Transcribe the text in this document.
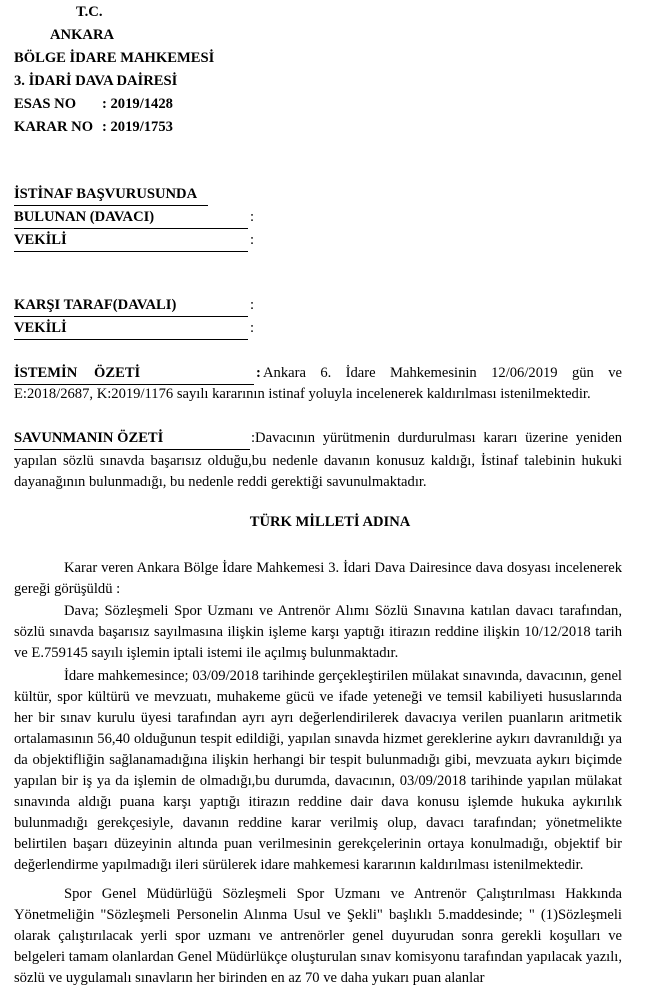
T.C.
ANKARA
BÖLGE İDARE MAHKEMESİ
3. İDARİ DAVA DAİRESİ
ESAS NO : 2019/1428
KARAR NO : 2019/1753
İSTİNAF BAŞVURUSUNDA
BULUNAN (DAVACI)	:
VEKİLİ	:
KARŞI TARAF(DAVALI)	:
VEKİLİ	:
İSTEMİN ÖZETİ	: Ankara 6. İdare Mahkemesinin 12/06/2019 gün ve
E:2018/2687, K:2019/1176 sayılı kararının istinaf yoluyla incelenerek kaldırılması istenilmektedir.
SAVUNMANIN ÖZETİ	:Davacının yürütmenin durdurulması kararı üzerine yeniden
yapılan sözlü sınavda başarısız olduğu,bu nedenle davanın konusuz kaldığı, İstinaf talebinin hukuki dayanağının bulunmadığı, bu nedenle reddi gerektiği savunulmaktadır.
TÜRK MİLLETİ ADINA
Karar veren Ankara Bölge İdare Mahkemesi 3. İdari Dava Dairesince dava dosyası incelenerek gereği görüşüldü :
Dava; Sözleşmeli Spor Uzmanı ve Antrenör Alımı Sözlü Sınavına katılan davacı tarafından, sözlü sınavda başarısız sayılmasına ilişkin işleme karşı yaptığı itirazın reddine ilişkin 10/12/2018 tarih ve E.759145 sayılı işlemin iptali istemi ile açılmış bulunmaktadır.
İdare mahkemesince; 03/09/2018 tarihinde gerçekleştirilen mülakat sınavında, davacının, genel kültür, spor kültürü ve mevzuatı, muhakeme gücü ve ifade yeteneği ve temsil kabiliyeti hususlarında her bir sınav kurulu üyesi tarafından ayrı ayrı değerlendirilerek davacıya verilen puanların aritmetik ortalamasının 56,40 olduğunun tespit edildiği, yapılan sınavda hizmet gereklerine aykırı davranıldığı ya da objektifliğin sağlanamadığına ilişkin herhangi bir tespit bulunmadığı gibi, mevzuata aykırı biçimde yapılan bir iş ya da işlemin de olmadığı,bu durumda, davacının, 03/09/2018 tarihinde yapılan mülakat sınavında aldığı puana karşı yaptığı itirazın reddine dair dava konusu işlemde hukuka aykırılık bulunmadığı gerekçesiyle, davanın reddine karar verilmiş olup, davacı tarafından; yönetmelikte belirtilen başarı düzeyinin altında puan verilmesinin gerekçelerinin ortaya konulmadığı, objektif bir değerlendirme yapılmadığı ileri sürülerek idare mahkemesi kararının kaldırılması istenilmektedir.
Spor Genel Müdürlüğü Sözleşmeli Spor Uzmanı ve Antrenör Çalıştırılması Hakkında Yönetmeliğin "Sözleşmeli Personelin Alınma Usul ve Şekli" başlıklı 5.maddesinde; " (1)Sözleşmeli olarak çalıştırılacak yerli spor uzmanı ve antrenörler genel duyurudan sonra gerekli koşulları ve belgeleri tamam olanlardan Genel Müdürlükçe oluşturulan sınav komisyonu tarafından yapılacak yazılı, sözlü ve uygulamalı sınavların her birinden en az 70 ve daha yukarı puan alanlar
